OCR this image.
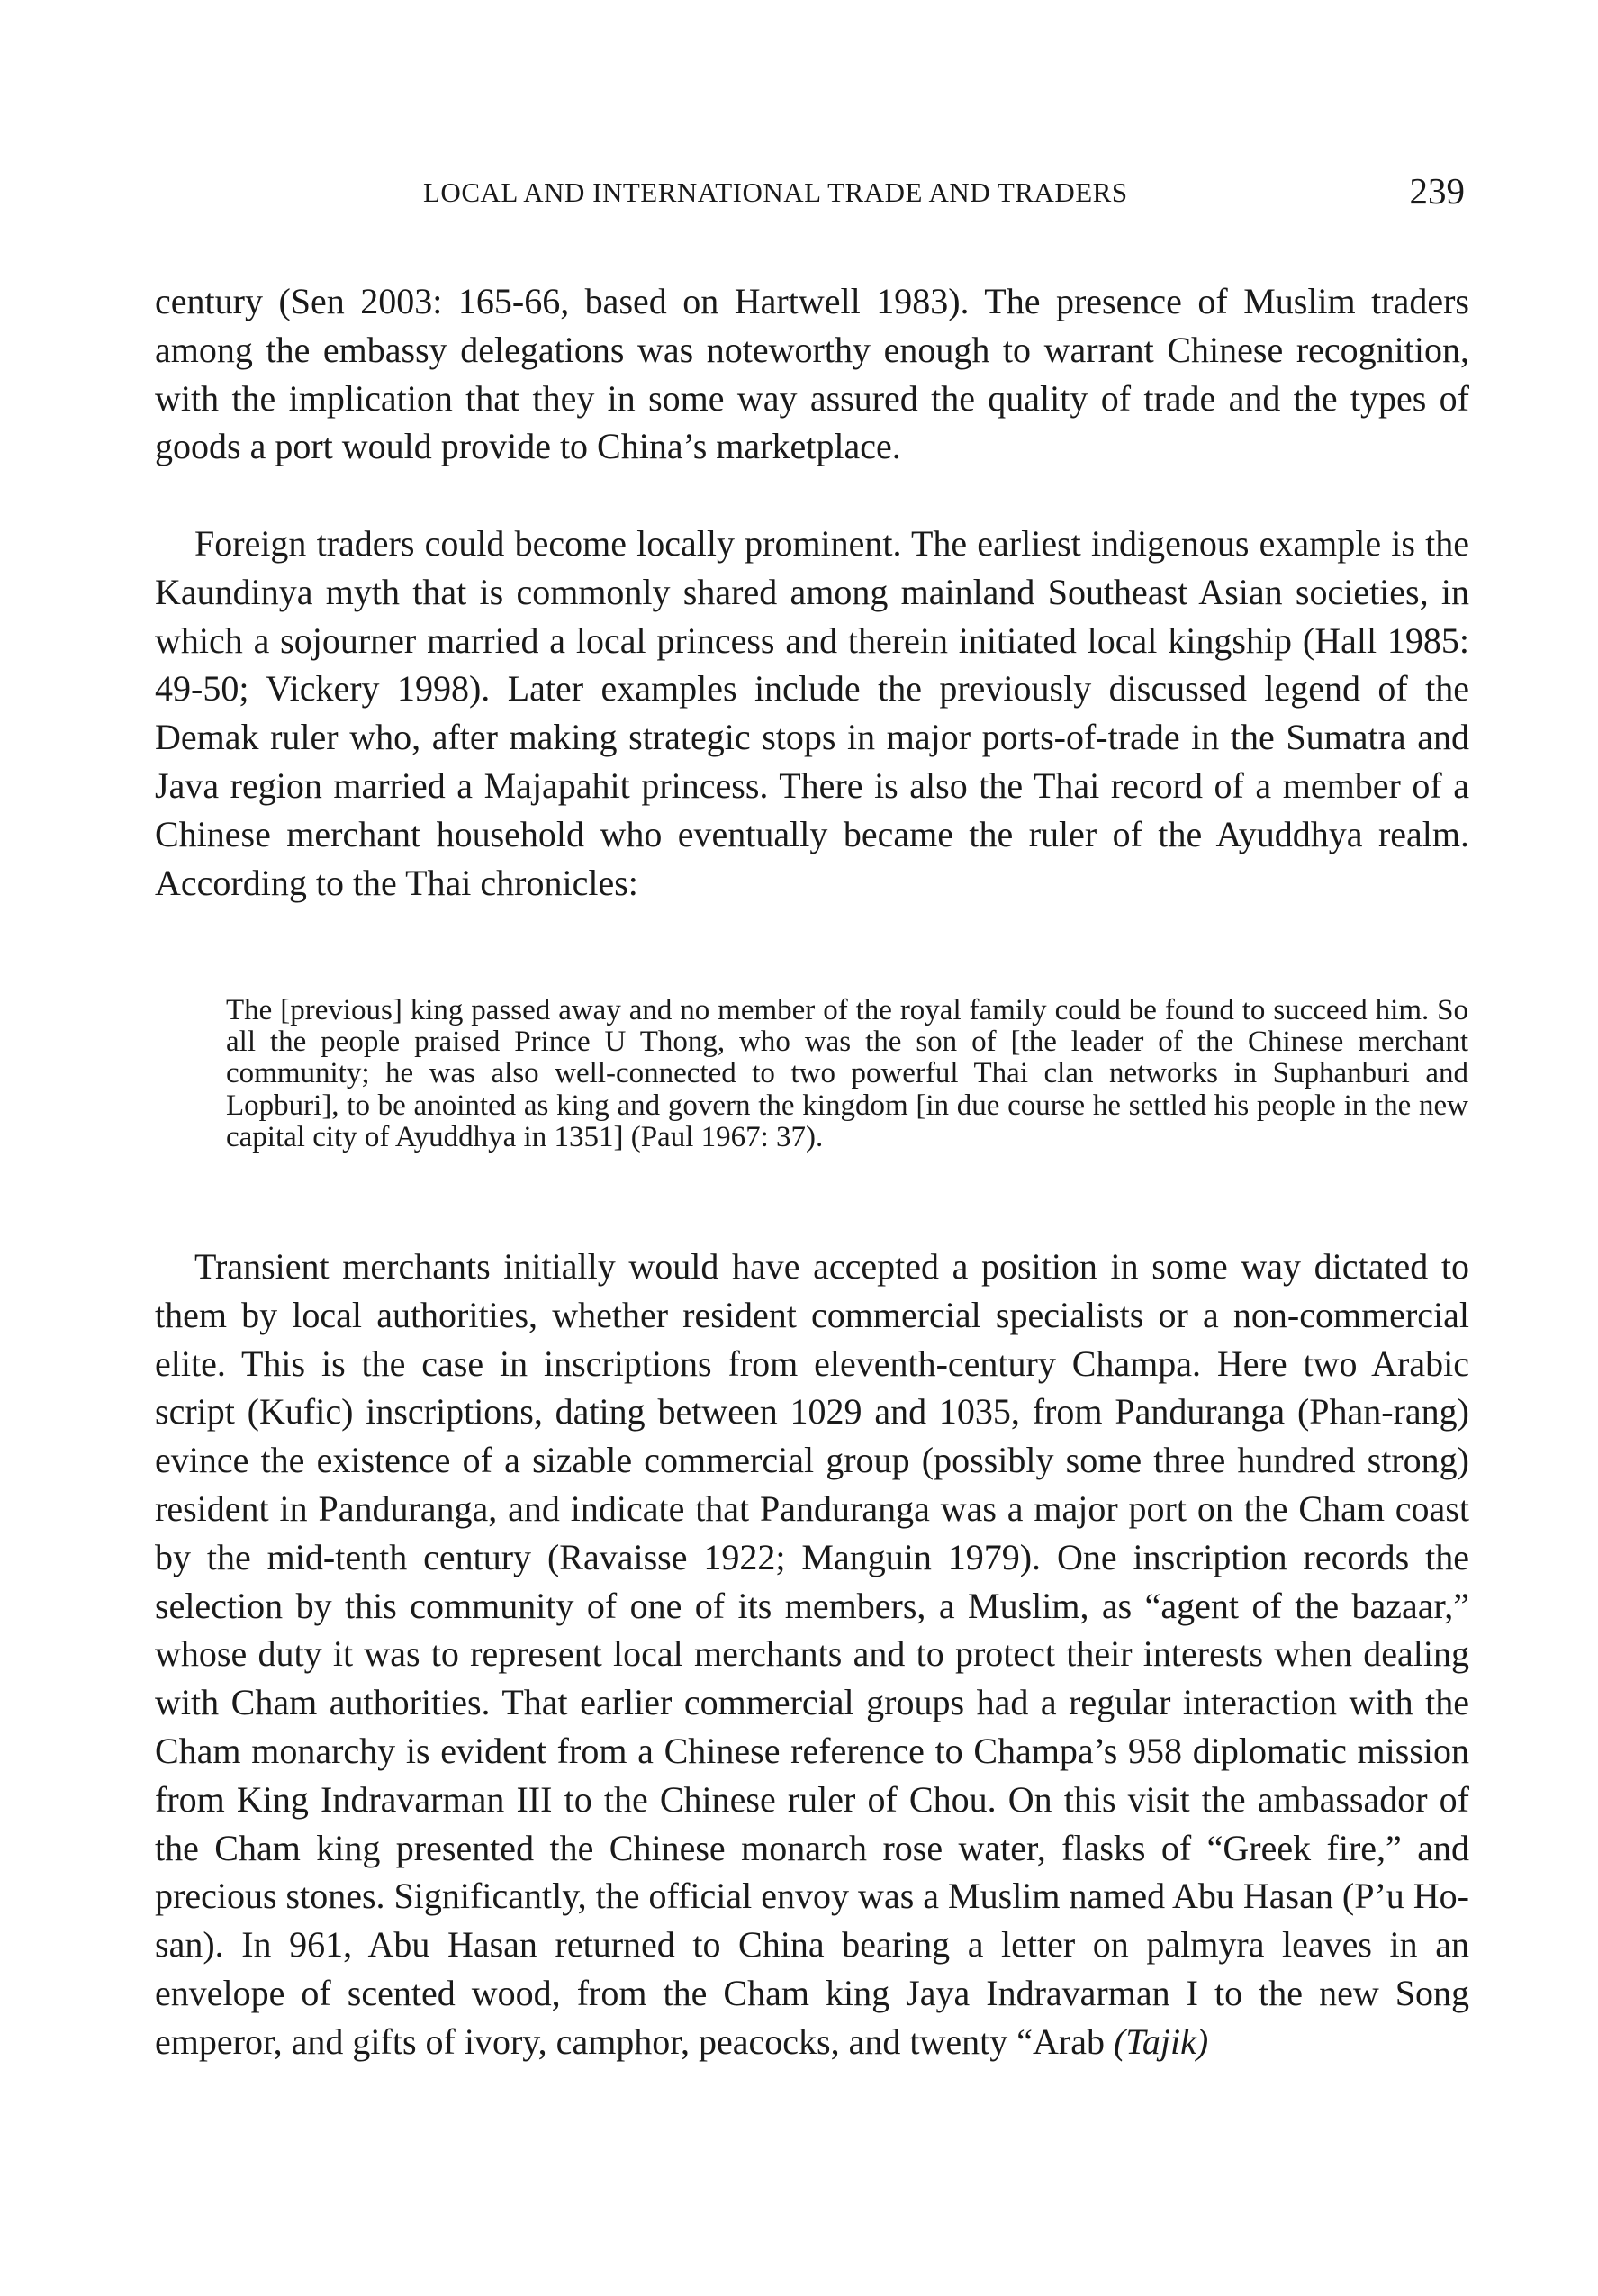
LOCAL AND INTERNATIONAL TRADE AND TRADERS	239

century (Sen 2003: 165-66, based on Hartwell 1983). The presence of Muslim traders among the embassy delegations was noteworthy enough to warrant Chinese recognition, with the implication that they in some way assured the quality of trade and the types of goods a port would provide to China’s marketplace.

Foreign traders could become locally prominent. The earliest indigenous example is the Kaundinya myth that is commonly shared among mainland Southeast Asian societies, in which a sojourner married a local princess and therein initiated local kingship (Hall 1985: 49-50; Vickery 1998). Later examples include the previously discussed legend of the Demak ruler who, after making strategic stops in major ports-of-trade in the Sumatra and Java region married a Majapahit princess. There is also the Thai record of a member of a Chinese merchant household who eventually became the ruler of the Ayuddhya realm. According to the Thai chronicles:

The [previous] king passed away and no member of the royal family could be found to succeed him. So all the people praised Prince U Thong, who was the son of [the leader of the Chinese merchant community; he was also well-connected to two powerful Thai clan networks in Suphanburi and Lopburi], to be anointed as king and govern the kingdom [in due course he settled his people in the new capital city of Ayuddhya in 1351] (Paul 1967: 37).

Transient merchants initially would have accepted a position in some way dictated to them by local authorities, whether resident commercial specialists or a non-commercial elite. This is the case in inscriptions from eleventh-century Champa. Here two Arabic script (Kufic) inscriptions, dating between 1029 and 1035, from Panduranga (Phan-rang) evince the existence of a sizable commercial group (possibly some three hundred strong) resident in Panduranga, and indicate that Panduranga was a major port on the Cham coast by the mid-tenth century (Ravaisse 1922; Manguin 1979). One inscription records the selection by this community of one of its members, a Muslim, as “agent of the bazaar,” whose duty it was to represent local merchants and to protect their interests when dealing with Cham authorities. That earlier commercial groups had a regular interaction with the Cham monarchy is evident from a Chinese reference to Champa’s 958 diplomatic mission from King Indravarman III to the Chinese ruler of Chou. On this visit the ambassador of the Cham king presented the Chinese monarch rose water, flasks of “Greek fire,” and precious stones. Significantly, the official envoy was a Muslim named Abu Hasan (P’u Ho-san). In 961, Abu Hasan returned to China bearing a letter on palmyra leaves in an envelope of scented wood, from the Cham king Jaya Indravarman I to the new Song emperor, and gifts of ivory, camphor, peacocks, and twenty “Arab (Tajik)
